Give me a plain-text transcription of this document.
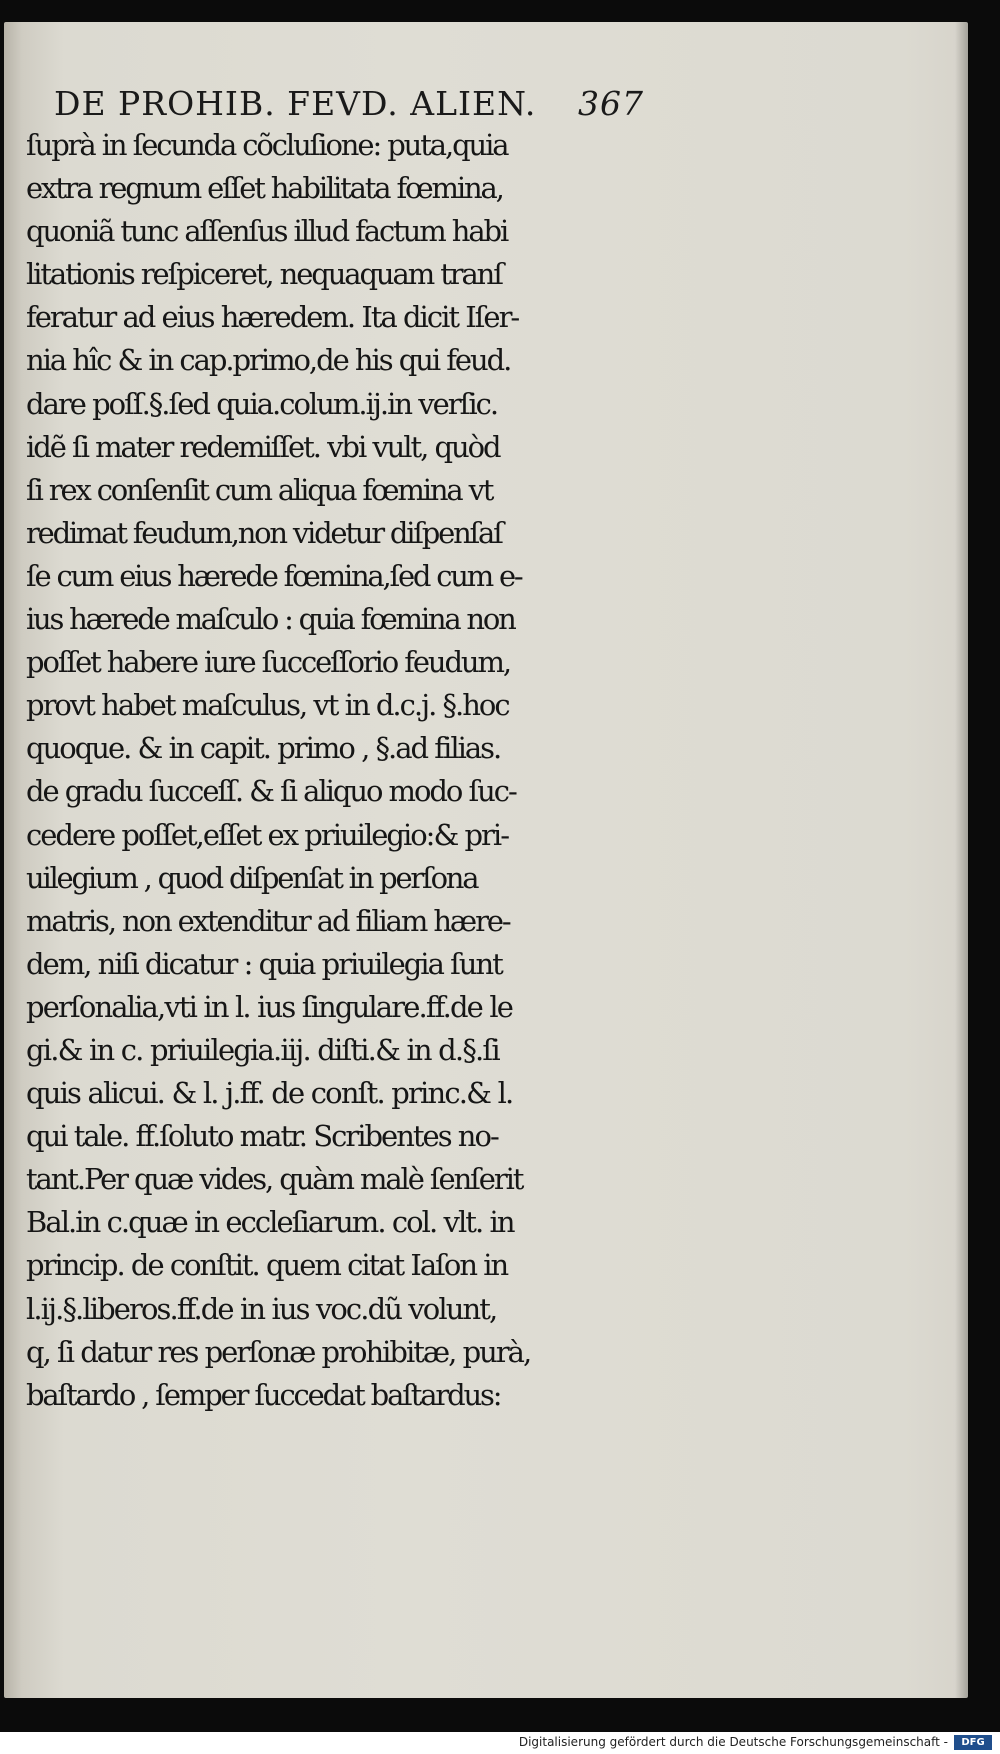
DE PROHIB. FEVD. ALIEN. 367
ſuprà in ſecunda cõcluſione: puta,quia
extra regnum eſſet habilitata fœmina,
quoniã tunc aſſenſus illud factum habi
litationis reſpiceret, nequaquam tranſ
feratur ad eius hæredem. Ita dicit Iſer-
nia hîc & in cap.primo,de his qui feud.
dare poſſ.§.ſed quia.colum.ij.in verſic.
idẽ ſi mater redemiſſet. vbi vult, quòd
ſi rex conſenſit cum aliqua fœmina vt
redimat feudum,non videtur diſpenſaſ
ſe cum eius hærede fœmina,ſed cum e-
ius hærede maſculo : quia fœmina non
poſſet habere iure ſucceſſorio feudum,
provt habet maſculus, vt in d.c.j. §.hoc
quoque. & in capit. primo , §.ad filias.
de gradu ſucceſſ. & ſi aliquo modo ſuc-
cedere poſſet,eſſet ex priuilegio:& pri-
uilegium , quod diſpenſat in perſona
matris, non extenditur ad filiam hære-
dem, niſi dicatur : quia priuilegia ſunt
perſonalia,vti in l. ius ſingulare.ff.de le
gi.& in c. priuilegia.iij. diſti.& in d.§.ſi
quis alicui. & l. j.ff. de conſt. princ.& l.
qui tale. ff.ſoluto matr. Scribentes no-
tant.Per quæ vides, quàm malè ſenſerit
Bal.in c.quæ in eccleſiarum. col. vlt. in
princip. de conſtit. quem citat Iaſon in
l.ij.§.liberos.ff.de in ius voc.dũ volunt,
q, ſi datur res perſonæ prohibitæ, purà,
baſtardo , ſemper ſuccedat baſtardus:
Digitalisierung gefördert durch die Deutsche Forschungsgemeinschaft -	DFG
